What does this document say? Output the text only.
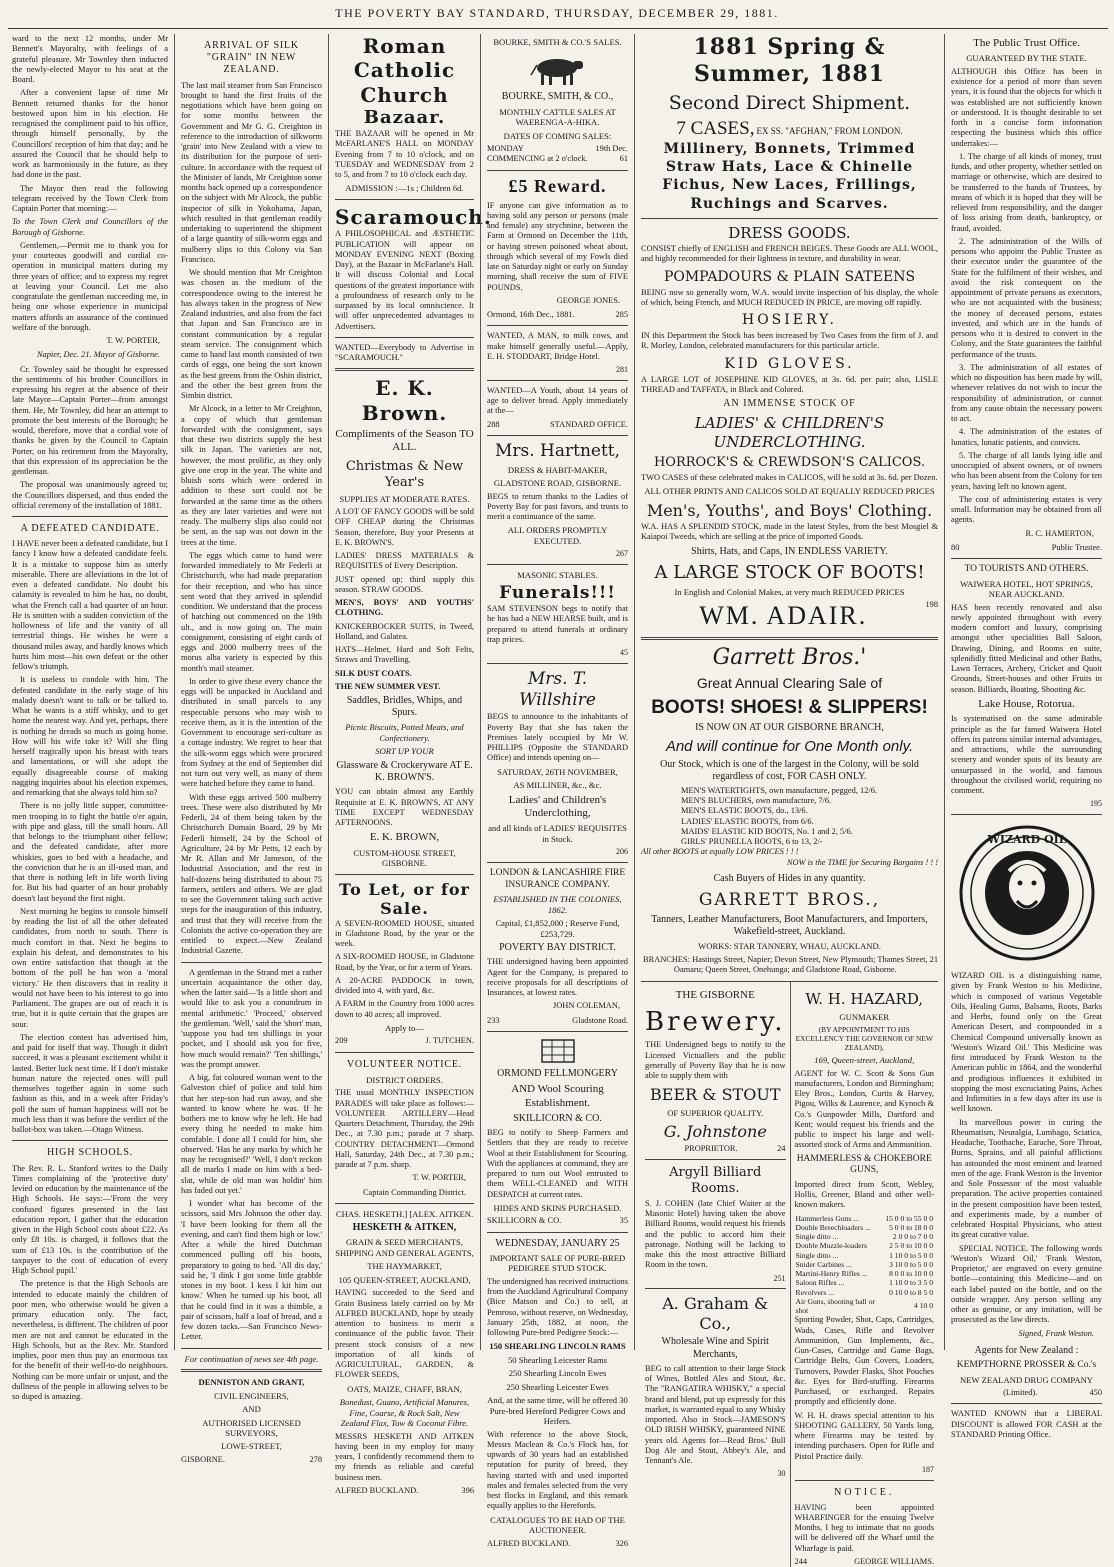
THE POVERTY BAY STANDARD, THURSDAY, DECEMBER 29, 1881.

ward to the next 12 months, under Mr Bennett's Mayoralty, with feelings of a grateful pleasure. Mr Townley then inducted the newly-elected Mayor to his seat at the Board.

After a convenient lapse of time Mr Bennett returned thanks for the honor bestowed upon him in his election. He recognised the compliment paid to his office, through himself personally, by the Councillors' reception of him that day; and he assured the Council that he should help to work as harmoniously in the future, as they had done in the past.

The Mayor then read the following telegram received by the Town Clerk from Captain Porter that morning:—

To the Town Clerk and Councillors of the Borough of Gisborne.

Gentlemen,—Permit me to thank you for your courteous goodwill and cordial co-operation in municipal matters during my three years of office; and to express my regret at leaving your Council. Let me also congratulate the gentleman succeeding me, in being one whose experience in municipal matters affords an assurance of the continued welfare of the borough.

T. W. PORTER,
Napier, Dec. 21. Mayor of Gisborne.

Cr. Townley said he thought he expressed the sentiments of his brother Councillors in expressing his regret at the absence of their late Mayor—Captain Porter—from amongst them. He, Mr Townley, did hear an attempt to promote the best interests of the Borough; he would, therefore, move that a cordial vote of thanks be given by the Council to Captain Porter, on his retirement from the Mayoralty, that this expression of its appreciation be the gentleman.

The proposal was unanimously agreed to; the Councillors dispersed, and thus ended the official ceremony of the installation of 1881.

A DEFEATED CANDIDATE.

I HAVE never been a defeated candidate, but I fancy I know how a defeated candidate feels. It is a mistake to suppose him as utterly miserable. There are alleviations in the lot of even a defeated candidate. No doubt his calamity is revealed to him he has, no doubt, what the French call a bad quarter of an hour. He is smitten with a sudden conviction of the hollowness of life and the vanity of all terrestrial things. He wishes he were a thousand miles away, and hardly knows which hurts him most—his own defeat or the other fellow's triumph.

It is useless to condole with him. The defeated candidate in the early stage of his malady doesn't want to talk or be talked to. What he wants is a stiff whisky, and to get home the nearest way. And yet, perhaps, there is nothing he dreads so much as going home. How will his wife take it? Will she fling herself tragically upon his breast with tears and lamentations, or will she adopt the equally disagreeable course of making nagging inquiries about his election expenses, and remarking that she always told him so?

There is no jolly little supper, committee-men trooping in to fight the battle o'er again, with pipe and glass, till the small hours. All that belongs to the triumphant other fellow; and the defeated candidate, after more whiskies, goes to bed with a headache, and the conviction that he is an ill-used man, and that there is nothing left in life worth living for. But his bad quarter of an hour probably doesn't last beyond the first night.

Next morning he begins to console himself by reading the list of all the other defeated candidates, from north to south. There is much comfort in that. Next he begins to explain his defeat, and demonstrates to his own entire satisfaction that though at the bottom of the poll he has won a 'moral victory.' He then discovers that in reality it would not have been to his interest to go into Parliament. The grapes are out of reach it is true, but it is quite certain that the grapes are sour.

The election contest has advertised him, and paid for itself that way. Though it didn't succeed, it was a pleasant excitement whilst it lasted. Better luck next time. If I don't mistake human nature the rejected ones will pull themselves together again in some such fashion as this, and in a week after Friday's poll the sum of human happiness will not be much less than it was before the verdict of the ballot-box was taken.—Otago Witness.

HIGH SCHOOLS.

The Rev. R. L. Stanford writes to the Daily Times complaining of the 'protective duty' levied on education by the maintenance of the High Schools. He says:—'From the very confused figures presented in the last education report, I gather that the education given in the High School costs about £22. As only £8 10s. is charged, it follows that the sum of £13 10s. is the contribution of the taxpayer to the cost of education of every High School pupil.'

The pretence is that the High Schools are intended to educate mainly the children of poor men, who otherwise would be given a primary education only. The fact, nevertheless, is different. The children of poor men are not and cannot be educated in the High Schools, but as the Rev. Mr. Stanford implies, poor men thus pay an enormous tax for the benefit of their well-to-do neighbours. Nothing can be more unfair or unjust, and the dullness of the people in allowing selves to be so duped is amazing.

ARRIVAL OF SILK "GRAIN" IN NEW ZEALAND.

The last mail steamer from San Francisco brought to hand the first fruits of the negotiations which have been going on for some months between the Government and Mr G. G. Creighton in reference to the introduction of silkworm 'grain' into New Zealand with a view to its distribution for the purpose of seri-culture. In accordance with the request of the Minister of lands, Mr Creighton some months back opened up a correspondence on the subject with Mr Alcock, the public inspector of silk in Yokohama, Japan, which resulted in that gentleman readily undertaking to superintend the shipment of a large quantity of silk-worm eggs and mulberry slips to this Colony via San Francisco.

We should mention that Mr Creighton was chosen as the medium of the correspondence owing to the interest he has always taken in the progress of New Zealand industries, and also from the fact that Japan and San Francisco are in constant communication by a regular steam service. The consignment which came to hand last month consisted of two cards of eggs, one being the sort known as the best greens from the Oshin district, and the other the best green from the Simbin district.

Mr Alcock, in a letter to Mr Creighton, a copy of which that gentleman forwarded with the consignment, says that these two districts supply the best silk in Japan. The varieties are not, however, the most prolific, as they only give one crop in the year. The white and bluish sorts which were ordered in addition to these sort could not be forwarded at the same time as the others as they are later varieties and were not ready. The mulberry slips also could not be sent, as the sap was not down in the trees at the time.

The eggs which came to hand were forwarded immediately to Mr Federli at Christchurch, who had made preparation for their reception, and who has since sent word that they arrived in splendid condition. We understand that the process of hatching out commenced on the 19th ult., and is now going on. The main consignment, consisting of eight cards of eggs and 2000 mulberry trees of the morus alba variety is expected by this month's mail steamer.

In order to give these every chance the eggs will be unpacked in Auckland and distributed in small parcels to any respectable persons who may wish to receive them, as it is the intention of the Government to encourage seri-culture as a cottage industry. We regret to hear that the silk-worm eggs which were procured from Sydney at the end of September did not turn out very well, as many of them were hatched before they came to hand.

With these eggs arrived 500 mulberry trees. These were also distributed by Mr Federli, 24 of them being taken by the Christchurch Domain Board, 29 by Mr Federli himself, 24 by the School of Agriculture, 24 by Mr Petts, 12 each by Mr R. Allan and Mr Jameson, of the Industrial Association, and the rest in half-dozens being distributed to about 75 farmers, settlers and others. We are glad to see the Government taking such active steps for the inauguration of this industry, and trust that they will receive from the Colonists the active co-operation they are entitled to expect.—New Zealand Industrial Gazette.

A gentleman in the Strand met a rather uncertain acquaintance the other day, when the latter said—'Is a little short and would like to ask you a conundrum in mental arithmetic.' 'Proceed,' observed the gentleman. 'Well,' said the 'short' man, 'suppose you had ten shillings in your pocket, and I should ask you for five, how much would remain?' 'Ten shillings,' was the prompt answer.

A big, fat coloured woman went to the Galveston chief of police and told him that her step-son had run away, and she wanted to know where he was. If he bothers me to know why he left. He had every thing he needed to make him comfable. I done all I could for him, she observed. 'Has he any marks by which he may be recognised?' 'Well, I don't reckon all de marks I made on him with a bed-slat, while de old man was holdin' him has faded out yet.'

I wonder what has become of the scissors, said Mrs Johnson the other day. 'I have been looking for them all the evening, and can't find them high or low.' After a while the hired Dutchman commenced pulling off his boots, preparatory to going to bed. 'All dis day,' said he, 'I dink I got some little grabble stones in my boot. I kess I kit him out know.' When he turned up his boot, all that he could find in it was a thimble, a pair of scissors, half a loaf of bread, and a few dozen tacks.—San Francisco News-Letter.

For continuation of news see 4th page.
DENNISTON AND GRANT,
CIVIL ENGINEERS,
AND
AUTHORISED LICENSED SURVEYORS,
LOWE-STREET,
GISBORNE.	278
Roman Catholic Church
Bazaar.

THE BAZAAR will be opened in Mr McFARLANE'S HALL on MONDAY Evening from 7 to 10 o'clock, and on TUESDAY and WEDNESDAY from 2 to 5, and from 7 to 10 o'clock each day.

ADMISSION :—1s ; Children 6d.
Scaramouch.

A PHILOSOPHICAL and ÆSTHETIC PUBLICATION will appear on MONDAY EVENING NEXT (Boxing Day), at the Bazaar in McFarlane's Hall. It will discuss Colonial and Local questions of the greatest importance with a profoundness of research only to be surpassed by its local omniscience. It will offer unprecedented advantages to Advertisers.

WANTED—Everybody to Advertise in "SCARAMOUCH."

E. K. Brown.
Compliments of the Season TO ALL.
Christmas & New Year's
SUPPLIES AT MODERATE RATES.

A LOT OF FANCY GOODS will be sold OFF CHEAP during the Christmas Season, therefore, Buy your Presents at E. K. BROWN'S.

LADIES' DRESS MATERIALS & REQUISITES of Every Description.

JUST opened up; third supply this season. STRAW GOODS.

MEN'S, BOYS' AND YOUTHS' CLOTHING.

KNICKERBOCKER SUITS, in Tweed, Holland, and Galatea.

HATS—Helmet, Hard and Soft Felts, Straws and Travelling.

SILK DUST COATS.

THE NEW SUMMER VEST.

Saddles, Bridles, Whips, and Spurs.
Picnic Biscuits, Potted Meats, and Confectionery.
SORT UP YOUR
Glassware & Crockeryware AT E. K. BROWN'S.

YOU can obtain almost any Earthly Requisite at E. K. BROWN'S, AT ANY TIME EXCEPT WEDNESDAY AFTERNOONS.

E. K. BROWN,
CUSTOM-HOUSE STREET, GISBORNE.
To Let, or for Sale.

A SEVEN-ROOMED HOUSE, situated in Gladstone Road, by the year or the week.

A SIX-ROOMED HOUSE, in Gladstone Road, by the Year, or for a term of Years.

A 20-ACRE PADDOCK in town, divided into 4, with yard, &c.

A FARM in the Country from 1000 acres down to 40 acres; all improved.

Apply to—
209	J. TUTCHEN.
VOLUNTEER NOTICE.
DISTRICT ORDERS.

THE usual MONTHLY INSPECTION PARADES will take place as follows:— VOLUNTEER ARTILLERY—Head Quarters Detachment, Thursday, the 29th Dec., at 7.30 p.m.; parade at 7 sharp. COUNTRY DETACHMENT—Ormond Hall, Saturday, 24th Dec., at 7.30 p.m.; parade at 7 p.m. sharp.

T. W. PORTER,
Captain Commanding District.
CHAS. HESKETH.] [ALEX. AITKEN.
HESKETH & AITKEN,
GRAIN & SEED MERCHANTS, SHIPPING AND GENERAL AGENTS,
THE HAYMARKET,
105 QUEEN-STREET, AUCKLAND,

HAVING succeeded to the Seed and Grain Business lately carried on by Mr ALFRED BUCKLAND, hope by steady attention to business to merit a continuance of the public favor. Their present stock consists of a new importation of all kinds of AGRICULTURAL, GARDEN, & FLOWER SEEDS,

OATS, MAIZE, CHAFF, BRAN,
Bonedust, Guano, Artificial Manures, Fine, Coarse, & Rock Salt, New Zealand Flax, Tow & Coconut Fibre.

MESSRS HESKETH AND AITKEN having been in my employ for many years, I confidently recommend them to my friends as reliable and careful business men.

ALFRED BUCKLAND.	396
BOURKE, SMITH & CO.'S SALES.
BOURKE, SMITH, & CO.,
MONTHLY CATTLE SALES AT WAERENGA-A-HIKA.
DATES OF COMING SALES:
MONDAY	19th Dec.
COMMENCING at 2 o'clock.	61
£5 Reward.

IF anyone can give information as to having sold any person or persons (male and female) any strychnine, between the Farm at Ormond on December the 11th, or having strewn poisoned wheat about, through which several of my Fowls died late on Saturday night or early on Sunday morning, shall receive the sum of FIVE POUNDS.

GEORGE JONES.
Ormond, 16th Dec., 1881.	285

WANTED, A MAN, to milk cows, and make himself generally useful.—Apply, E. H. STODDART, Bridge Hotel.

281

WANTED—A Youth, about 14 years of age to deliver bread. Apply immediately at the—

288	STANDARD OFFICE.
Mrs. Hartnett,
DRESS & HABIT-MAKER,
GLADSTONE ROAD, GISBORNE.

BEGS to return thanks to the Ladies of Poverty Bay for past favors, and trusts to merit a continuance of the same.

ALL ORDERS PROMPTLY EXECUTED.
267
MASONIC STABLES.
Funerals!!!

SAM STEVENSON begs to notify that he has had a NEW HEARSE built, and is prepared to attend funerals at ordinary trap prices.

45
Mrs. T. Willshire

BEGS to announce to the inhabitants of Poverty Bay that she has taken the Premises lately occupied by Mr W. PHILLIPS (Opposite the STANDARD Office) and intends opening on—

SATURDAY, 26TH NOVEMBER,
AS MILLINER, &c., &c.
Ladies' and Children's Underclothing,
and all kinds of LADIES' REQUISITES in Stock.
206
LONDON & LANCASHIRE FIRE INSURANCE COMPANY.
ESTABLISHED IN THE COLONIES, 1862.
Capital, £1,852,000 ; Reserve Fund, £253,729.
POVERTY BAY DISTRICT.

THE undersigned having been appointed Agent for the Company, is prepared to receive proposals for all descriptions of Insurances, at lowest rates.

JOHN COLEMAN,
233	Gladstone Road.
ORMOND FELLMONGERY
AND Wool Scouring Establishment.
SKILLICORN & CO.

BEG to notify to Sheep Farmers and Settlers that they are ready to receive Wool at their Establishment for Scouring. With the appliances at command, they are prepared to turn out Wool entrusted to them WELL-CLEANED and WITH DESPATCH at current rates.

HIDES AND SKINS PURCHASED.
SKILLICORN & CO.	35
WEDNESDAY, JANUARY 25
IMPORTANT SALE OF PURE-BRED PEDIGREE STUD STOCK.

The undersigned has received instructions from the Auckland Agricultural Company (Bice Matson and Co.) to sell, at Pemroso, without reserve, on Wednesday, January 25th, 1882, at noon, the following Pure-bred Pedigree Stock:—

150 SHEARLING LINCOLN RAMS
50 Shearling Leicester Rams
250 Shearling Lincoln Ewes
250 Shearling Leicester Ewes
And, at the same time, will be offered 30 Pure-bred Hereford Pedigree Cows and Heifers.

With reference to the above Stock, Messrs Maclean & Co.'s Flock has, for upwards of 30 years had an established reputation for purity of breed, they having started with and used imported males and females selected from the very best flocks in England, and this remark equally applies to the Herefords.

CATALOGUES TO BE HAD OF THE AUCTIONEER.
ALFRED BUCKLAND.	326
1881 Spring & Summer, 1881
Second Direct Shipment.
7 CASES, EX SS. "AFGHAN," FROM LONDON.
Millinery, Bonnets, Trimmed Straw Hats, Lace & Chinelle Fichus, New Laces, Frillings, Ruchings and Scarves.
DRESS GOODS.

CONSIST chiefly of ENGLISH and FRENCH BEIGES. These Goods are ALL WOOL, and highly recommended for their lightness in texture, and durability in wear.

POMPADOURS & PLAIN SATEENS

BEING now so generally worn, W.A. would invite inspection of his display, the whole of which, being French, and MUCH REDUCED IN PRICE, are moving off rapidly.

HOSIERY.

IN this Department the Stock has been increased by Two Cases from the firm of J. and R. Morley, London, celebrated manufacturers for this particular article.

KID GLOVES.

A LARGE LOT of JOSEPHINE KID GLOVES, at 3s. 6d. per pair; also, LISLE THREAD and TAFFATA, in Black and Colored.

AN IMMENSE STOCK OF
LADIES' & CHILDREN'S UNDERCLOTHING.
HORROCK'S & CREWDSON'S CALICOS.

TWO CASES of these celebrated makes in CALICOS, will be sold at 3s. 6d. per Dozen.

ALL OTHER PRINTS AND CALICOS SOLD AT EQUALLY REDUCED PRICES
Men's, Youths', and Boys' Clothing.

W.A. HAS A SPLENDID STOCK, made in the latest Styles, from the best Mosgiel & Kaiapoi Tweeds, which are selling at the price of imported Goods.

Shirts, Hats, and Caps, IN ENDLESS VARIETY.
A LARGE STOCK OF BOOTS!
In English and Colonial Makes, at very much REDUCED PRICES
WM. ADAIR.	198
Garrett Bros.'
Great Annual Clearing Sale of
BOOTS! SHOES! & SLIPPERS!
IS NOW ON AT OUR GISBORNE BRANCH,
And will continue for One Month only.

Our Stock, which is one of the largest in the Colony, will be sold regardless of cost, FOR CASH ONLY.

MEN'S WATERTIGHTS, own manufacture, pegged, 12/6.
MEN'S BLUCHERS, own manufacture, 7/6.
MEN'S ELASTIC BOOTS, do., 13/6.
LADIES' ELASTIC BOOTS, from 6/6.
MAIDS' ELASTIC KID BOOTS, No. 1 and 2, 5/6.
GIRLS' PRUNELLA BOOTS, 6 to 13, 2/-
All other BOOTS at equally LOW PRICES ! ! !
NOW is the TIME for Securing Bargains ! ! !
Cash Buyers of Hides in any quantity.
GARRETT BROS.,
Tanners, Leather Manufacturers, Boot Manufacturers, and Importers, Wakefield-street, Auckland.
WORKS: STAR TANNERY, WHAU, AUCKLAND.
BRANCHES: Hastings Street, Napier; Devon Street, New Plymouth; Thames Street, Oamaru; Queen Street, Onehunga; and Gladstone Road, Gisborne.
21
THE GISBORNE
Brewery.

THE Undersigned begs to notify to the Licensed Victuallers and the public generally of Poverty Bay that he is now able to supply them with

BEER & STOUT
OF SUPERIOR QUALITY.
G. Johnstone
PROPRIETOR.	24
Argyll Billiard Rooms.

S. J. COHEN (late Chief Waiter at the Masonic Hotel) having taken the above Billiard Rooms, would request his friends and the public to accord him their patronage. Nothing will be lacking to make this the most attractive Billiard Room in the town.

251
A. Graham & Co.,
Wholesale Wine and Spirit Merchants,

BEG to call attention to their large Stock of Wines, Bottled Ales and Stout, &c. The "RANGATIRA WHISKY," a special brand and blend, put up expressly for this market, is warranted equal to any Whisky imported. Also in Stock—JAMESON'S OLD IRISH WHISKY, guaranteed NINE years old. Agents for—Read Bros.' Bull Dog Ale and Stout, Abbey's Ale, and Tennant's Ale.

30
W. H. HAZARD,
GUNMAKER
(BY APPOINTMENT TO HIS EXCELLENCY THE GOVERNOR OF NEW ZEALAND),
169, Queen-street, Auckland,

AGENT for W. C. Scott & Sons Gun manufacturers, London and Birmingham; Eley Bros., London, Curtis & Harvey, Pigou, Wilks & Laurence, and Kynoch & Co.'s Gunpowder Mills, Dartford and Kent; would request his friends and the public to inspect his large and well-assorted stock of Arms and Ammunition.

HAMMERLESS & CHOKEBORE GUNS,

Imported direct from Scott, Webley, Hollis, Greener, Bland and other well-known makers.

Hammerless Guns ...	15 0 0 to 55 0 0
Double Breechloaders ...	5 0 0 to 18 0 0
Single ditto ...	2 0 0 to 7 0 0
Double Muzzle-loaders	2 5 0 to 10 0 0
Single ditto ...	1 10 0 to 5 0 0
Snider Carbines ...	3 10 0 to 5 0 0
Martini-Henry Rifles ...	8 0 0 to 10 0 0
Saloon Rifles ...	1 10 0 to 3 5 0
Revolvers ...	0 10 0 to 8 5 0
Air Guns, shooting ball or shot	4 10 0

Sporting Powder, Shot, Caps, Cartridges, Wads, Cases, Rifle and Revolver Ammunition, Gun Implements, &c., Gun-Cases, Cartridge and Game Bags, Cartridge Belts, Gun Covers, Loaders, Turnovers, Powder Flasks, Shot Pouches &c. Eyes for Bird-stuffing. Firearms Purchased, or exchanged. Repairs promptly and efficiently done.

W. H. H. draws special attention to his SHOOTING GALLERY, 50 Yards long, where Firearms may be tested by intending purchasers. Open for Rifle and Pistol Practice daily.

187
NOTICE.

HAVING been appointed WHARFINGER for the ensuing Twelve Months, I beg to intimate that no goods will be delivered off the Wharf until the Wharfage is paid.

244	GEORGE WILLIAMS.
The Public Trust Office.
GUARANTEED BY THE STATE.

ALTHOUGH this Office has been in existence for a period of more than seven years, it is found that the objects for which it was established are not sufficiently known or understood. It is thought desirable to set forth in a concise form information respecting the business which this office undertakes:—

1. The charge of all kinds of money, trust funds, and other property, whether settled on marriage or otherwise, which are desired to be transferred to the hands of Trustees, by means of which it is hoped that they will be relieved from responsibility, and the danger of loss arising from death, bankruptcy, or fraud, avoided.

2. The administration of the Wills of persons who appoint the Public Trustee as their executor under the guarantee of the State for the fulfilment of their wishes, and avoid the risk consequent on the appointment of private persons as executors, who are not acquainted with the business; the money of deceased persons, estates invested, and which are in the hands of persons who it is desired to convert in the Colony, and the State guarantees the faithful performance of the trusts.

3. The administration of all estates of which no disposition has been made by will, whenever relatives do not wish to incur the responsibility of administration, or cannot from any cause obtain the necessary powers to act.

4. The administration of the estates of lunatics, lunatic patients, and convicts.

5. The charge of all lands lying idle and unoccupied of absent owners, or of owners who has been absent from the Colony for ten years, having left no known agent.

The cost of administering estates is very small. Information may be obtained from all agents.

R. C. HAMERTON,
80	Public Trustee.
TO TOURISTS AND OTHERS.
WAIWERA HOTEL, HOT SPRINGS, NEAR AUCKLAND.

HAS been recently renovated and also newly appointed throughout with every modern comfort and luxury, comprising amongst other specialities Ball Saloon, Drawing, Dining, and Rooms en suite, splendidly fitted Medicinal and other Baths, Lawn Terraces, Archery, Cricket and Quoit Grounds, Street-houses and other Fruits in season. Billiards, Boating, Shooting &c.

Lake House, Rotorua.

Is systematised on the same admirable principle as the far famed Waiwera Hotel offers its patrons similar internal advantages, and attractions, while the surrounding scenery and wonder spots of its beauty are unsurpassed in the world, and famous throughout the civilised world, requiring no comment.

195
WIZARD OIL

WIZARD OIL is a distinguishing name, given by Frank Weston to his Medicine, which is composed of various Vegetable Oils, Healing Gums, Balsams, Roots, Barks and Herbs, found only on the Great American Desert, and compounded in a Chemical Compound universally known as 'Weston's Wizard Oil.' This Medicine was first introduced by Frank Weston to the American public in 1864, and the wonderful and prodigious influences it exhibited in stopping the most excruciating Pains, Aches and Infirmities in a few days after its use is well known.

Its marvellous power in curing the Rheumatism, Neuralgia, Lumbago, Sciatica, Headache, Toothache, Earache, Sore Throat, Burns, Sprains, and all painful afflictions has astounded the most eminent and learned men of the age. Frank Weston is the Inventor and Sole Possessor of the most valuable preparation. The active properties contained in the present composition have been tested, and experiments made, by a number of celebrated Hospital Physicians, who attest its great curative value.

SPECIAL NOTICE. The following words 'Weston's Wizard Oil,' 'Frank Weston, Proprietor,' are engraved on every genuine bottle—containing this Medicine—and on each label pasted on the bottle, and on the outside wrapper. Any person selling any other as genuine, or any imitation, will be prosecuted as the law directs.

Signed, Frank Weston.
Agents for New Zealand :
KEMPTHORNE PROSSER & Co.'s
NEW ZEALAND DRUG COMPANY
(Limited).	450

WANTED KNOWN that a LIBERAL DISCOUNT is allowed FOR CASH at the STANDARD Printing Office.
